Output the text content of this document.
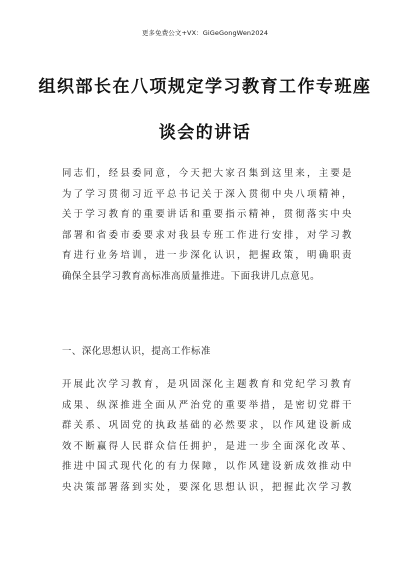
更多免费公文+VX：GiGeGongWen2024
组织部长在八项规定学习教育工作专班座
谈会的讲话
同志们，经县委同意，今天把大家召集到这里来，主要是
为了学习贯彻习近平总书记关于深入贯彻中央八项精神，
关于学习教育的重要讲话和重要指示精神，贯彻落实中央
部署和省委市委要求对我县专班工作进行安排，对学习教
育进行业务培训，进一步深化认识，把握政策，明确职责
确保全县学习教育高标准高质量推进。下面我讲几点意见。
一、深化思想认识，提高工作标准
开展此次学习教育，是巩固深化主题教育和党纪学习教育
成果、纵深推进全面从严治党的重要举措，是密切党群干
群关系、巩固党的执政基础的必然要求，以作风建设新成
效不断赢得人民群众信任拥护，是进一步全面深化改革、
推进中国式现代化的有力保障，以作风建设新成效推动中
央决策部署落到实处，要深化思想认识，把握此次学习教
